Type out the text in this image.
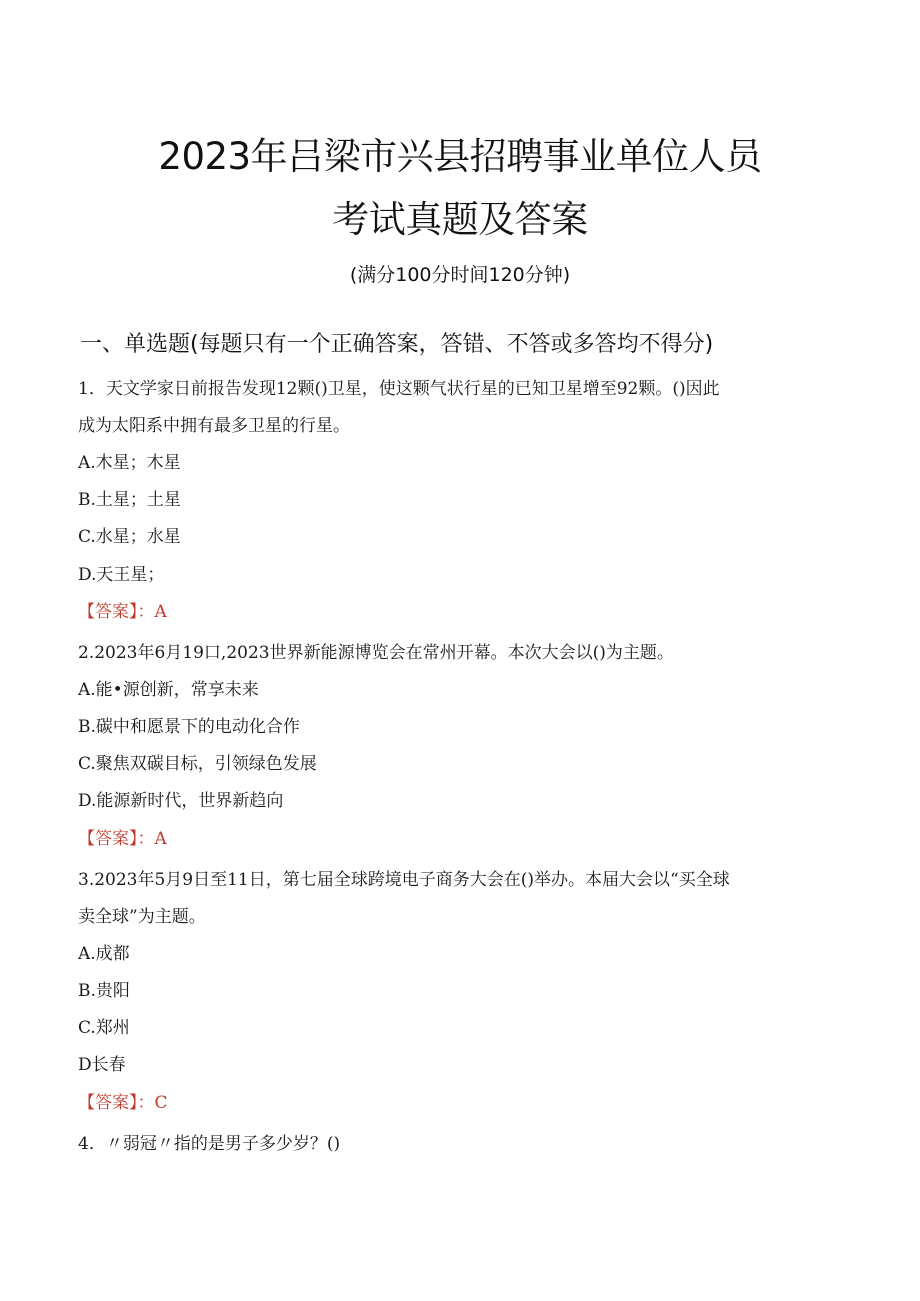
2023年吕梁市兴县招聘事业单位人员
考试真题及答案
(满分100分时间120分钟)
一、单选题(每题只有一个正确答案，答错、不答或多答均不得分)
1．天文学家日前报告发现12颗()卫星，使这颗气状行星的已知卫星增至92颗。()因此
成为太阳系中拥有最多卫星的行星。
A.木星；木星
B.土星；土星
C.水星；水星
D.天王星；
【答案】：A
2.2023年6月19口,2023世界新能源博览会在常州开幕。本次大会以()为主题。
A.能•源创新，常享未来
B.碳中和愿景下的电动化合作
C.聚焦双碳目标，引领绿色发展
D.能源新时代，世界新趋向
【答案】：A
3.2023年5月9日至11日，第七届全球跨境电子商务大会在()举办。本届大会以“买全球
卖全球”为主题。
A.成都
B.贵阳
C.郑州
D长春
【答案】：C
4．〃弱冠〃指的是男子多少岁？()
